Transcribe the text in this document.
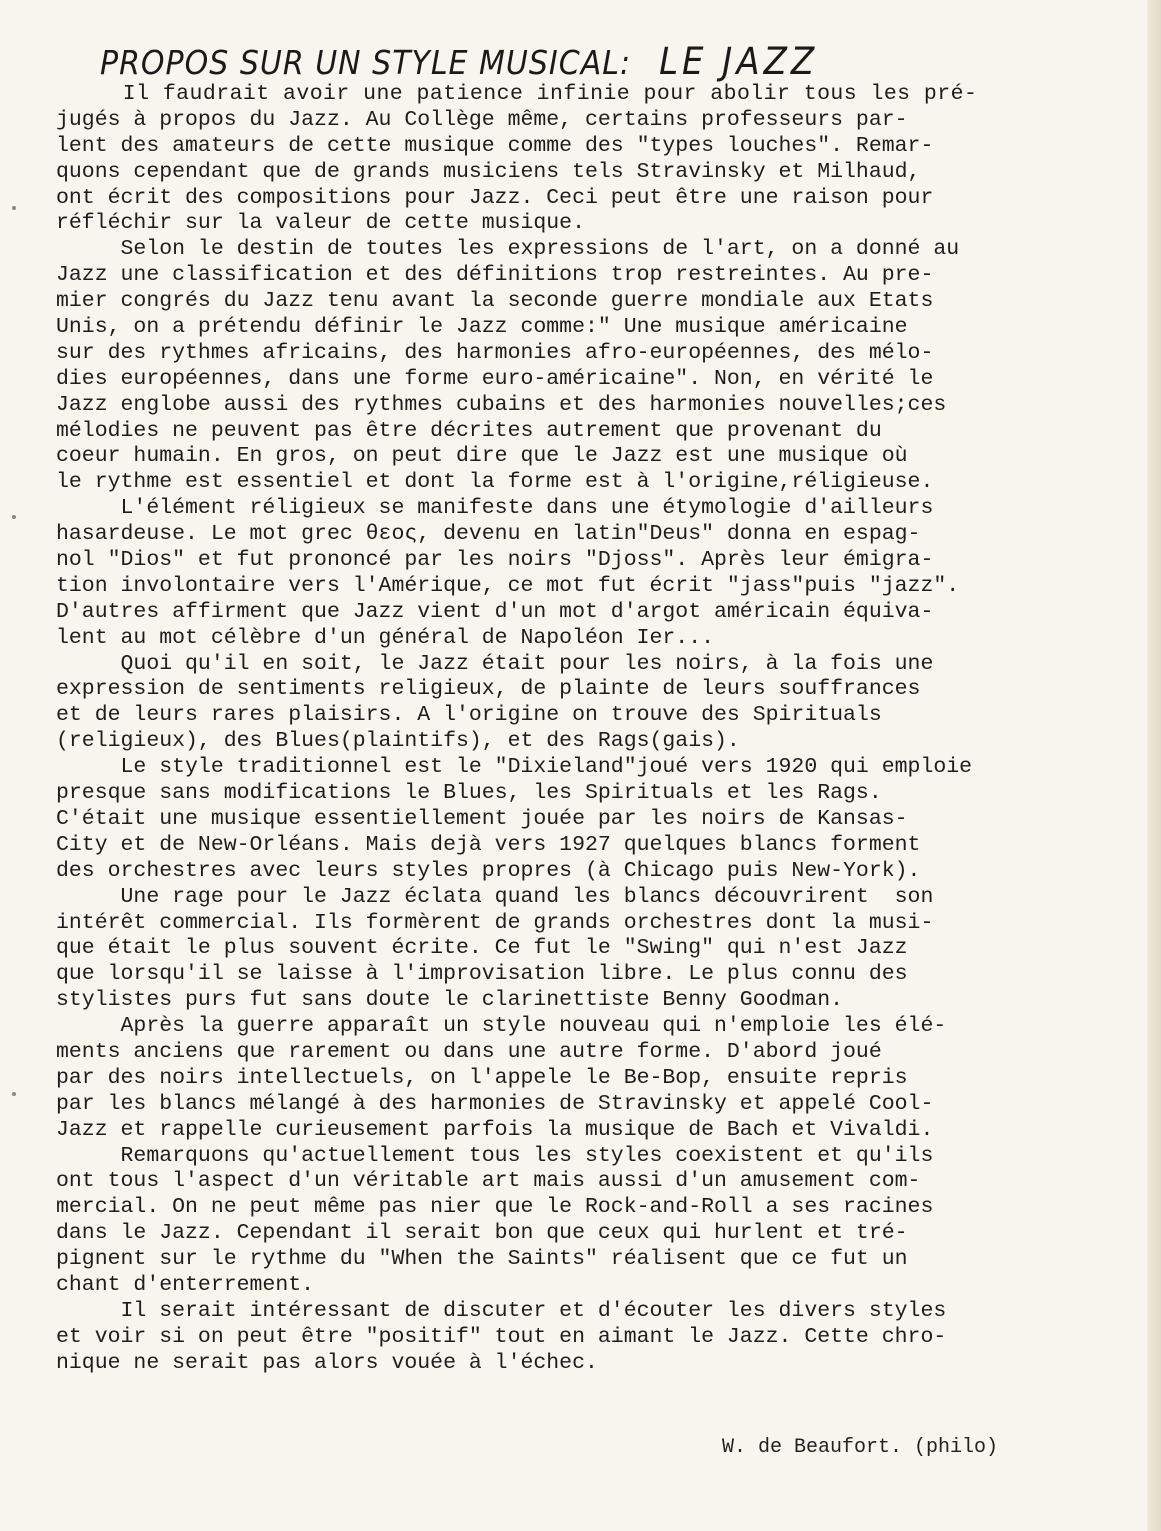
PROPOS SUR UN STYLE MUSICAL: LE JAZZ
Il faudrait avoir une patience infinie pour abolir tous les pré-
jugés à propos du Jazz. Au Collège même, certains professeurs par-
lent des amateurs de cette musique comme des "types louches". Remar-
quons cependant que de grands musiciens tels Stravinsky et Milhaud,
ont écrit des compositions pour Jazz. Ceci peut être une raison pour
réfléchir sur la valeur de cette musique.
Selon le destin de toutes les expressions de l'art, on a donné au
Jazz une classification et des définitions trop restreintes. Au pre-
mier congrés du Jazz tenu avant la seconde guerre mondiale aux Etats
Unis, on a prétendu définir le Jazz comme:" Une musique américaine
sur des rythmes africains, des harmonies afro-européennes, des mélo-
dies européennes, dans une forme euro-américaine". Non, en vérité le
Jazz englobe aussi des rythmes cubains et des harmonies nouvelles;ces
mélodies ne peuvent pas être décrites autrement que provenant du
coeur humain. En gros, on peut dire que le Jazz est une musique où
le rythme est essentiel et dont la forme est à l'origine,réligieuse.
L'élément réligieux se manifeste dans une étymologie d'ailleurs
hasardeuse. Le mot grec θεος, devenu en latin"Deus" donna en espag-
nol "Dios" et fut prononcé par les noirs "Djoss". Après leur émigra-
tion involontaire vers l'Amérique, ce mot fut écrit "jass"puis "jazz".
D'autres affirment que Jazz vient d'un mot d'argot américain équiva-
lent au mot célèbre d'un général de Napoléon Ier...
Quoi qu'il en soit, le Jazz était pour les noirs, à la fois une
expression de sentiments religieux, de plainte de leurs souffrances
et de leurs rares plaisirs. A l'origine on trouve des Spirituals
(religieux), des Blues(plaintifs), et des Rags(gais).
Le style traditionnel est le "Dixieland"joué vers 1920 qui emploie
presque sans modifications le Blues, les Spirituals et les Rags.
C'était une musique essentiellement jouée par les noirs de Kansas-
City et de New-Orléans. Mais dejà vers 1927 quelques blancs forment
des orchestres avec leurs styles propres (à Chicago puis New-York).
Une rage pour le Jazz éclata quand les blancs découvrirent  son
intérêt commercial. Ils formèrent de grands orchestres dont la musi-
que était le plus souvent écrite. Ce fut le "Swing" qui n'est Jazz
que lorsqu'il se laisse à l'improvisation libre. Le plus connu des
stylistes purs fut sans doute le clarinettiste Benny Goodman.
Après la guerre apparaît un style nouveau qui n'emploie les élé-
ments anciens que rarement ou dans une autre forme. D'abord joué
par des noirs intellectuels, on l'appele le Be-Bop, ensuite repris
par les blancs mélangé à des harmonies de Stravinsky et appelé Cool-
Jazz et rappelle curieusement parfois la musique de Bach et Vivaldi.
Remarquons qu'actuellement tous les styles coexistent et qu'ils
ont tous l'aspect d'un véritable art mais aussi d'un amusement com-
mercial. On ne peut même pas nier que le Rock-and-Roll a ses racines
dans le Jazz. Cependant il serait bon que ceux qui hurlent et tré-
pignent sur le rythme du "When the Saints" réalisent que ce fut un
chant d'enterrement.
Il serait intéressant de discuter et d'écouter les divers styles
et voir si on peut être "positif" tout en aimant le Jazz. Cette chro-
nique ne serait pas alors vouée à l'échec.
W. de Beaufort. (philo)
